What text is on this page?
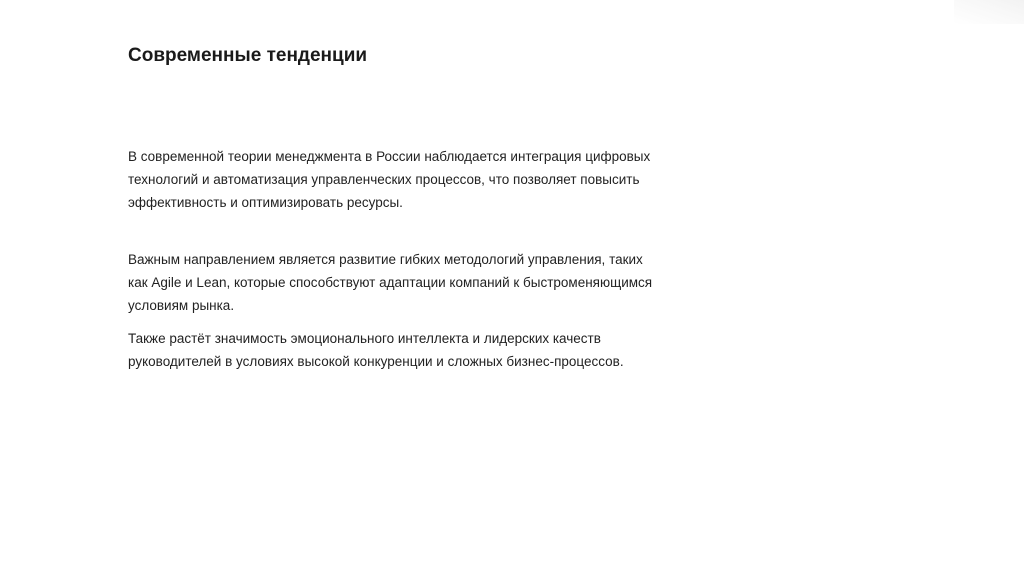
Современные тенденции

В современной теории менеджмента в России наблюдается интеграция цифровых
технологий и автоматизация управленческих процессов, что позволяет повысить
эффективность и оптимизировать ресурсы.

Важным направлением является развитие гибких методологий управления, таких
как Agile и Lean, которые способствуют адаптации компаний к быстроменяющимся
условиям рынка.

Также растёт значимость эмоционального интеллекта и лидерских качеств
руководителей в условиях высокой конкуренции и сложных бизнес-процессов.
